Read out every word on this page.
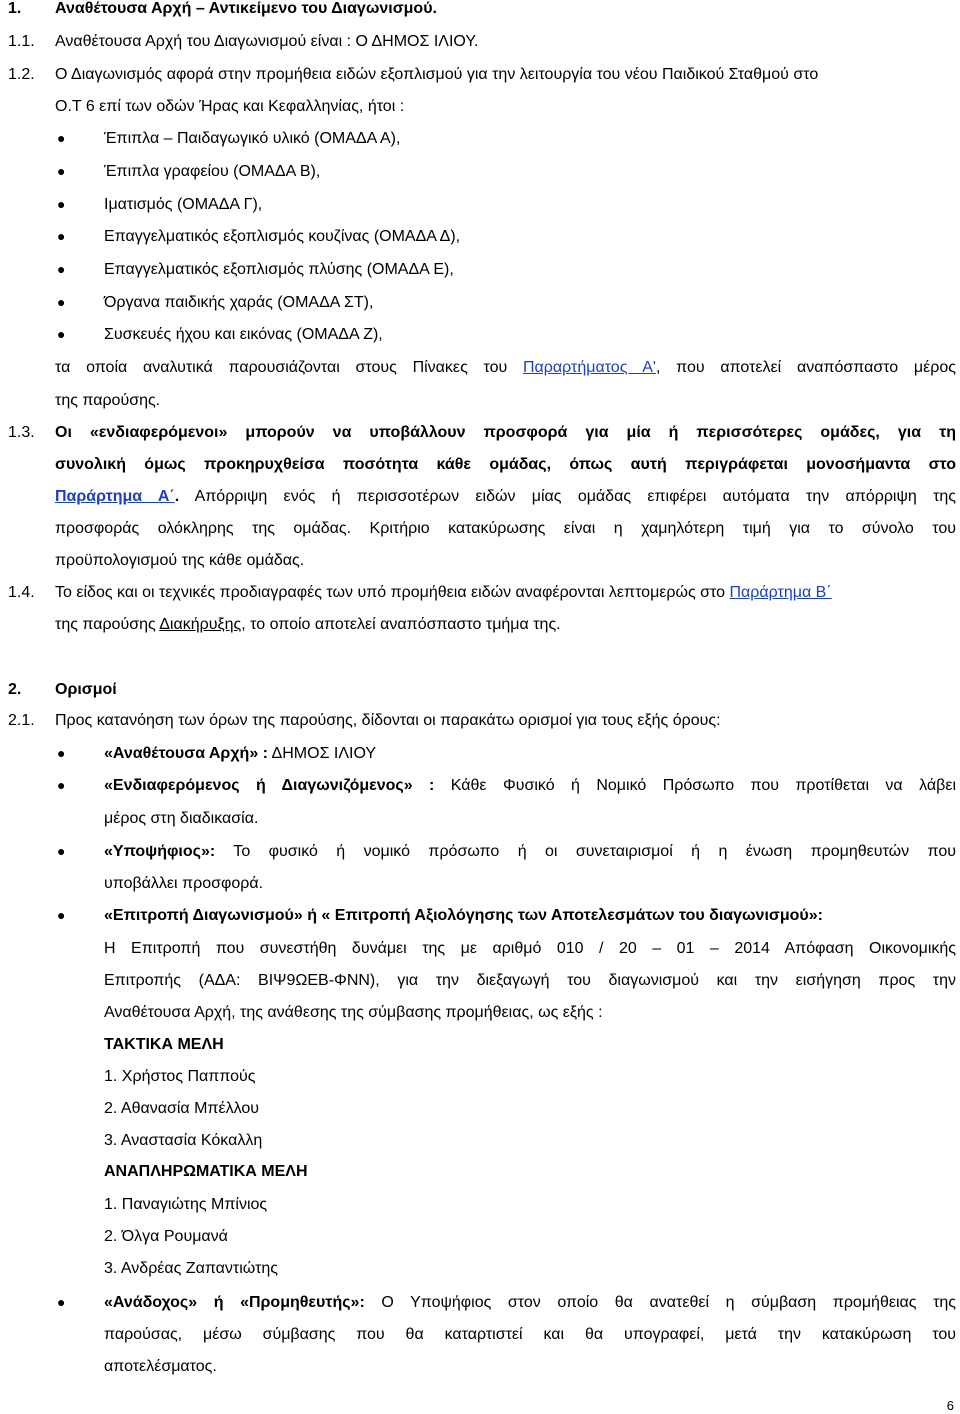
1. Αναθέτουσα Αρχή – Αντικείμενο του Διαγωνισμού.
1.1. Αναθέτουσα Αρχή του Διαγωνισμού είναι : Ο ΔΗΜΟΣ ΙΛΙΟΥ.
1.2. Ο Διαγωνισμός αφορά στην προμήθεια ειδών εξοπλισμού για την λειτουργία του νέου Παιδικού Σταθμού στο
Ο.Τ 6 επί των οδών Ήρας και Κεφαλληνίας, ήτοι :
● Έπιπλα – Παιδαγωγικό υλικό (ΟΜΑΔΑ Α),
● Έπιπλα γραφείου (ΟΜΑΔΑ Β),
● Ιματισμός (ΟΜΑΔΑ Γ),
● Επαγγελματικός εξοπλισμός κουζίνας (ΟΜΑΔΑ Δ),
● Επαγγελματικός εξοπλισμός πλύσης (ΟΜΑΔΑ Ε),
● Όργανα παιδικής χαράς (ΟΜΑΔΑ ΣΤ),
● Συσκευές ήχου και εικόνας (ΟΜΑΔΑ Ζ),
τα οποία αναλυτικά παρουσιάζονται στους Πίνακες του Παραρτήματος Α', που αποτελεί αναπόσπαστο μέρος
της παρούσης.
1.3. Οι «ενδιαφερόμενοι» μπορούν να υποβάλλουν προσφορά για μία ή περισσότερες ομάδες, για τη
συνολική όμως προκηρυχθείσα ποσότητα κάθε ομάδας, όπως αυτή περιγράφεται μονοσήμαντα στο
Παράρτημα Α΄. Απόρριψη ενός ή περισσοτέρων ειδών μίας ομάδας επιφέρει αυτόματα την απόρριψη της
προσφοράς ολόκληρης της ομάδας. Κριτήριο κατακύρωσης είναι η χαμηλότερη τιμή για το σύνολο του
προϋπολογισμού της κάθε ομάδας.
1.4. Το είδος και οι τεχνικές προδιαγραφές των υπό προμήθεια ειδών αναφέρονται λεπτομερώς στο Παράρτημα Β΄
της παρούσης Διακήρυξης, το οποίο αποτελεί αναπόσπαστο τμήμα της.
2. Ορισμοί
2.1. Προς κατανόηση των όρων της παρούσης, δίδονται οι παρακάτω ορισμοί για τους εξής όρους:
● «Αναθέτουσα Αρχή» : ΔΗΜΟΣ ΙΛΙΟΥ
● «Ενδιαφερόμενος ή Διαγωνιζόμενος» : Κάθε Φυσικό ή Νομικό Πρόσωπο που προτίθεται να λάβει
μέρος στη διαδικασία.
● «Υποψήφιος»: Το φυσικό ή νομικό πρόσωπο ή οι συνεταιρισμοί ή η ένωση προμηθευτών που
υποβάλλει προσφορά.
● «Επιτροπή Διαγωνισμού» ή « Επιτροπή Αξιολόγησης των Αποτελεσμάτων του διαγωνισμού»:
Η Επιτροπή που συνεστήθη δυνάμει της με αριθμό 010 / 20 – 01 – 2014 Απόφαση Οικονομικής
Επιτροπής (ΑΔΑ: ΒΙΨ9ΩΕΒ-ΦΝΝ), για την διεξαγωγή του διαγωνισμού και την εισήγηση προς την
Αναθέτουσα Αρχή, της ανάθεσης της σύμβασης προμήθειας, ως εξής :
ΤΑΚΤΙΚΑ ΜΕΛΗ
1. Χρήστος Παππούς
2. Αθανασία Μπέλλου
3. Αναστασία Κόκαλλη
ΑΝΑΠΛΗΡΩΜΑΤΙΚΑ ΜΕΛΗ
1. Παναγιώτης Μπίνιος
2. Όλγα Ρουμανά
3. Ανδρέας Ζαπαντιώτης
● «Ανάδοχος» ή «Προμηθευτής»: Ο Υποψήφιος στον οποίο θα ανατεθεί η σύμβαση προμήθειας της
παρούσας, μέσω σύμβασης που θα καταρτιστεί και θα υπογραφεί, μετά την κατακύρωση του
αποτελέσματος.
6
